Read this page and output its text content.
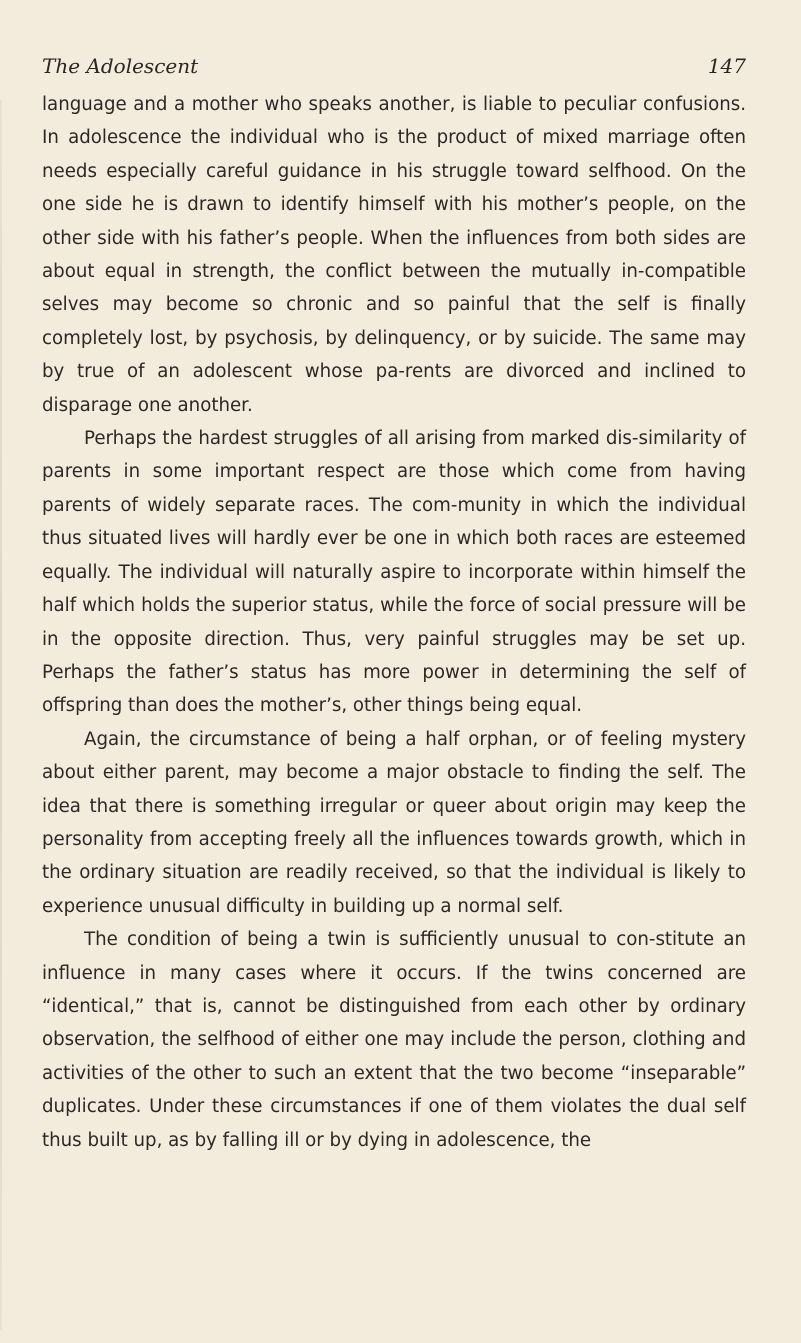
The Adolescent	147

language and a mother who speaks another, is liable to peculiar confusions. In adolescence the individual who is the product of mixed marriage often needs especially careful guidance in his struggle toward selfhood. On the one side he is drawn to identify himself with his mother’s people, on the other side with his father’s people. When the influences from both sides are about equal in strength, the conflict between the mutually in-compatible selves may become so chronic and so painful that the self is finally completely lost, by psychosis, by delinquency, or by suicide. The same may by true of an adolescent whose pa-rents are divorced and inclined to disparage one another.

Perhaps the hardest struggles of all arising from marked dis-similarity of parents in some important respect are those which come from having parents of widely separate races. The com-munity in which the individual thus situated lives will hardly ever be one in which both races are esteemed equally. The individual will naturally aspire to incorporate within himself the half which holds the superior status, while the force of social pressure will be in the opposite direction. Thus, very painful struggles may be set up. Perhaps the father’s status has more power in determining the self of offspring than does the mother’s, other things being equal.

Again, the circumstance of being a half orphan, or of feeling mystery about either parent, may become a major obstacle to finding the self. The idea that there is something irregular or queer about origin may keep the personality from accepting freely all the influences towards growth, which in the ordinary situation are readily received, so that the individual is likely to experience unusual difficulty in building up a normal self.

The condition of being a twin is sufficiently unusual to con-stitute an influence in many cases where it occurs. If the twins concerned are “identical,” that is, cannot be distinguished from each other by ordinary observation, the selfhood of either one may include the person, clothing and activities of the other to such an extent that the two become “inseparable” duplicates. Under these circumstances if one of them violates the dual self thus built up, as by falling ill or by dying in adolescence, the
